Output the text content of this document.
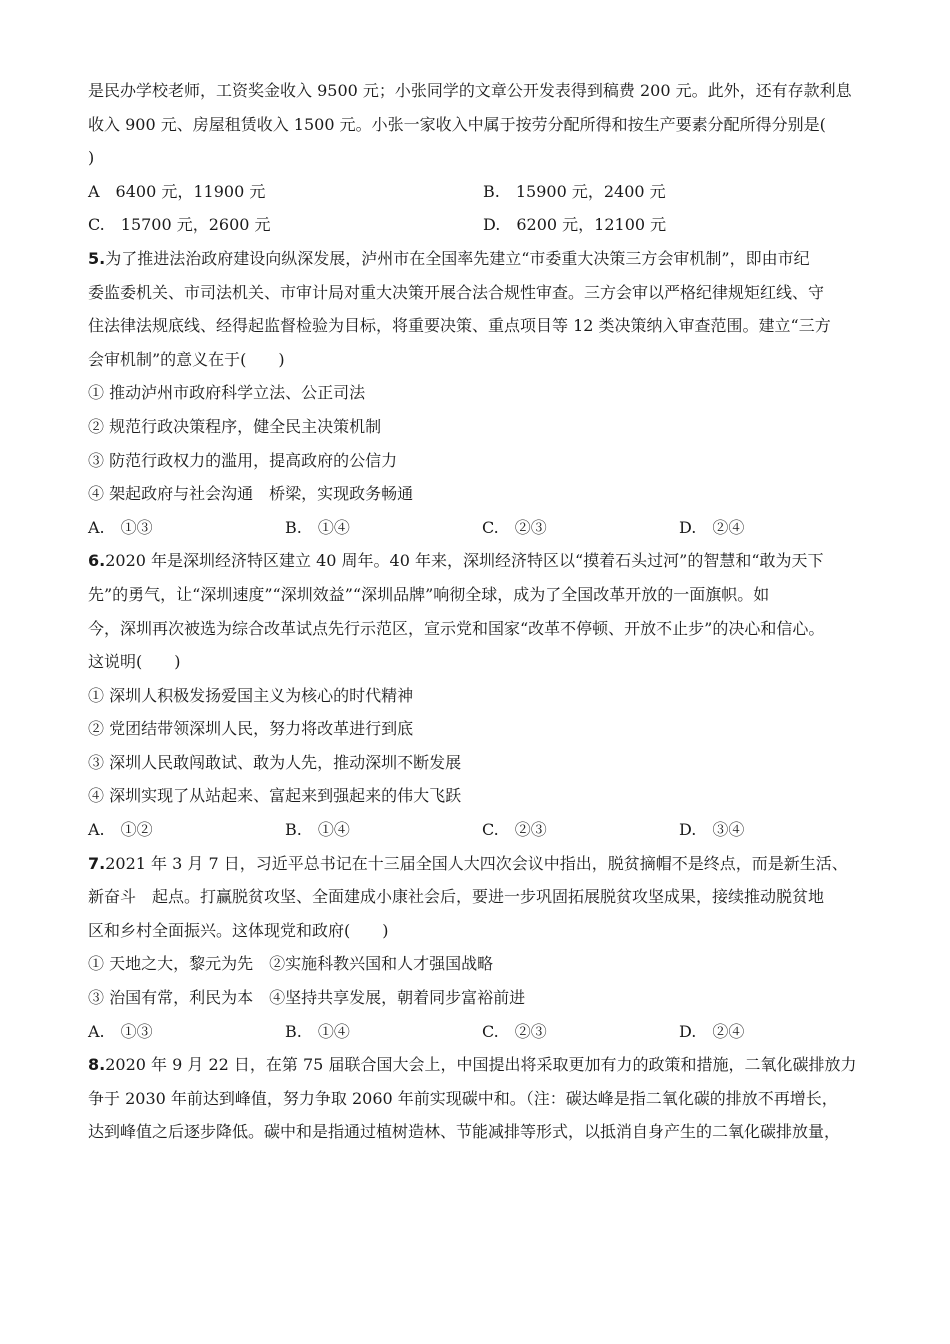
是民办学校老师，工资奖金收入 9500 元；小张同学的文章公开发表得到稿费 200 元。此外，还有存款利息
收入 900 元、房屋租赁收入 1500 元。小张一家收入中属于按劳分配所得和按生产要素分配所得分别是(
)
A　6400 元，11900 元	B.　15900 元，2400 元
C.　15700 元，2600 元	D.　6200 元，12100 元
5.为了推进法治政府建设向纵深发展，泸州市在全国率先建立“市委重大决策三方会审机制”，即由市纪
委监委机关、市司法机关、市审计局对重大决策开展合法合规性审查。三方会审以严格纪律规矩红线、守
住法律法规底线、经得起监督检验为目标，将重要决策、重点项目等 12 类决策纳入审查范围。建立“三方
会审机制”的意义在于(　　)
① 推动泸州市政府科学立法、公正司法
② 规范行政决策程序，健全民主决策机制
③ 防范行政权力的滥用，提高政府的公信力
④ 架起政府与社会沟通　桥梁，实现政务畅通
A.　①③	B.　①④	C.　②③	D.　②④
6.2020 年是深圳经济特区建立 40 周年。40 年来，深圳经济特区以“摸着石头过河”的智慧和“敢为天下
先”的勇气，让“深圳速度”“深圳效益”“深圳品牌”响彻全球，成为了全国改革开放的一面旗帜。如
今，深圳再次被选为综合改革试点先行示范区，宣示党和国家“改革不停顿、开放不止步”的决心和信心。
这说明(　　)
① 深圳人积极发扬爱国主义为核心的时代精神
② 党团结带领深圳人民，努力将改革进行到底
③ 深圳人民敢闯敢试、敢为人先，推动深圳不断发展
④ 深圳实现了从站起来、富起来到强起来的伟大飞跃
A.　①②	B.　①④	C.　②③	D.　③④
7.2021 年 3 月 7 日，习近平总书记在十三届全国人大四次会议中指出，脱贫摘帽不是终点，而是新生活、
新奋斗　起点。打赢脱贫攻坚、全面建成小康社会后，要进一步巩固拓展脱贫攻坚成果，接续推动脱贫地
区和乡村全面振兴。这体现党和政府(　　)
① 天地之大，黎元为先　②实施科教兴国和人才强国战略
③ 治国有常，利民为本　④坚持共享发展，朝着同步富裕前进
A.　①③	B.　①④	C.　②③	D.　②④
8.2020 年 9 月 22 日，在第 75 届联合国大会上，中国提出将采取更加有力的政策和措施，二氧化碳排放力
争于 2030 年前达到峰值，努力争取 2060 年前实现碳中和。（注：碳达峰是指二氧化碳的排放不再增长，
达到峰值之后逐步降低。碳中和是指通过植树造林、节能减排等形式，以抵消自身产生的二氧化碳排放量，
